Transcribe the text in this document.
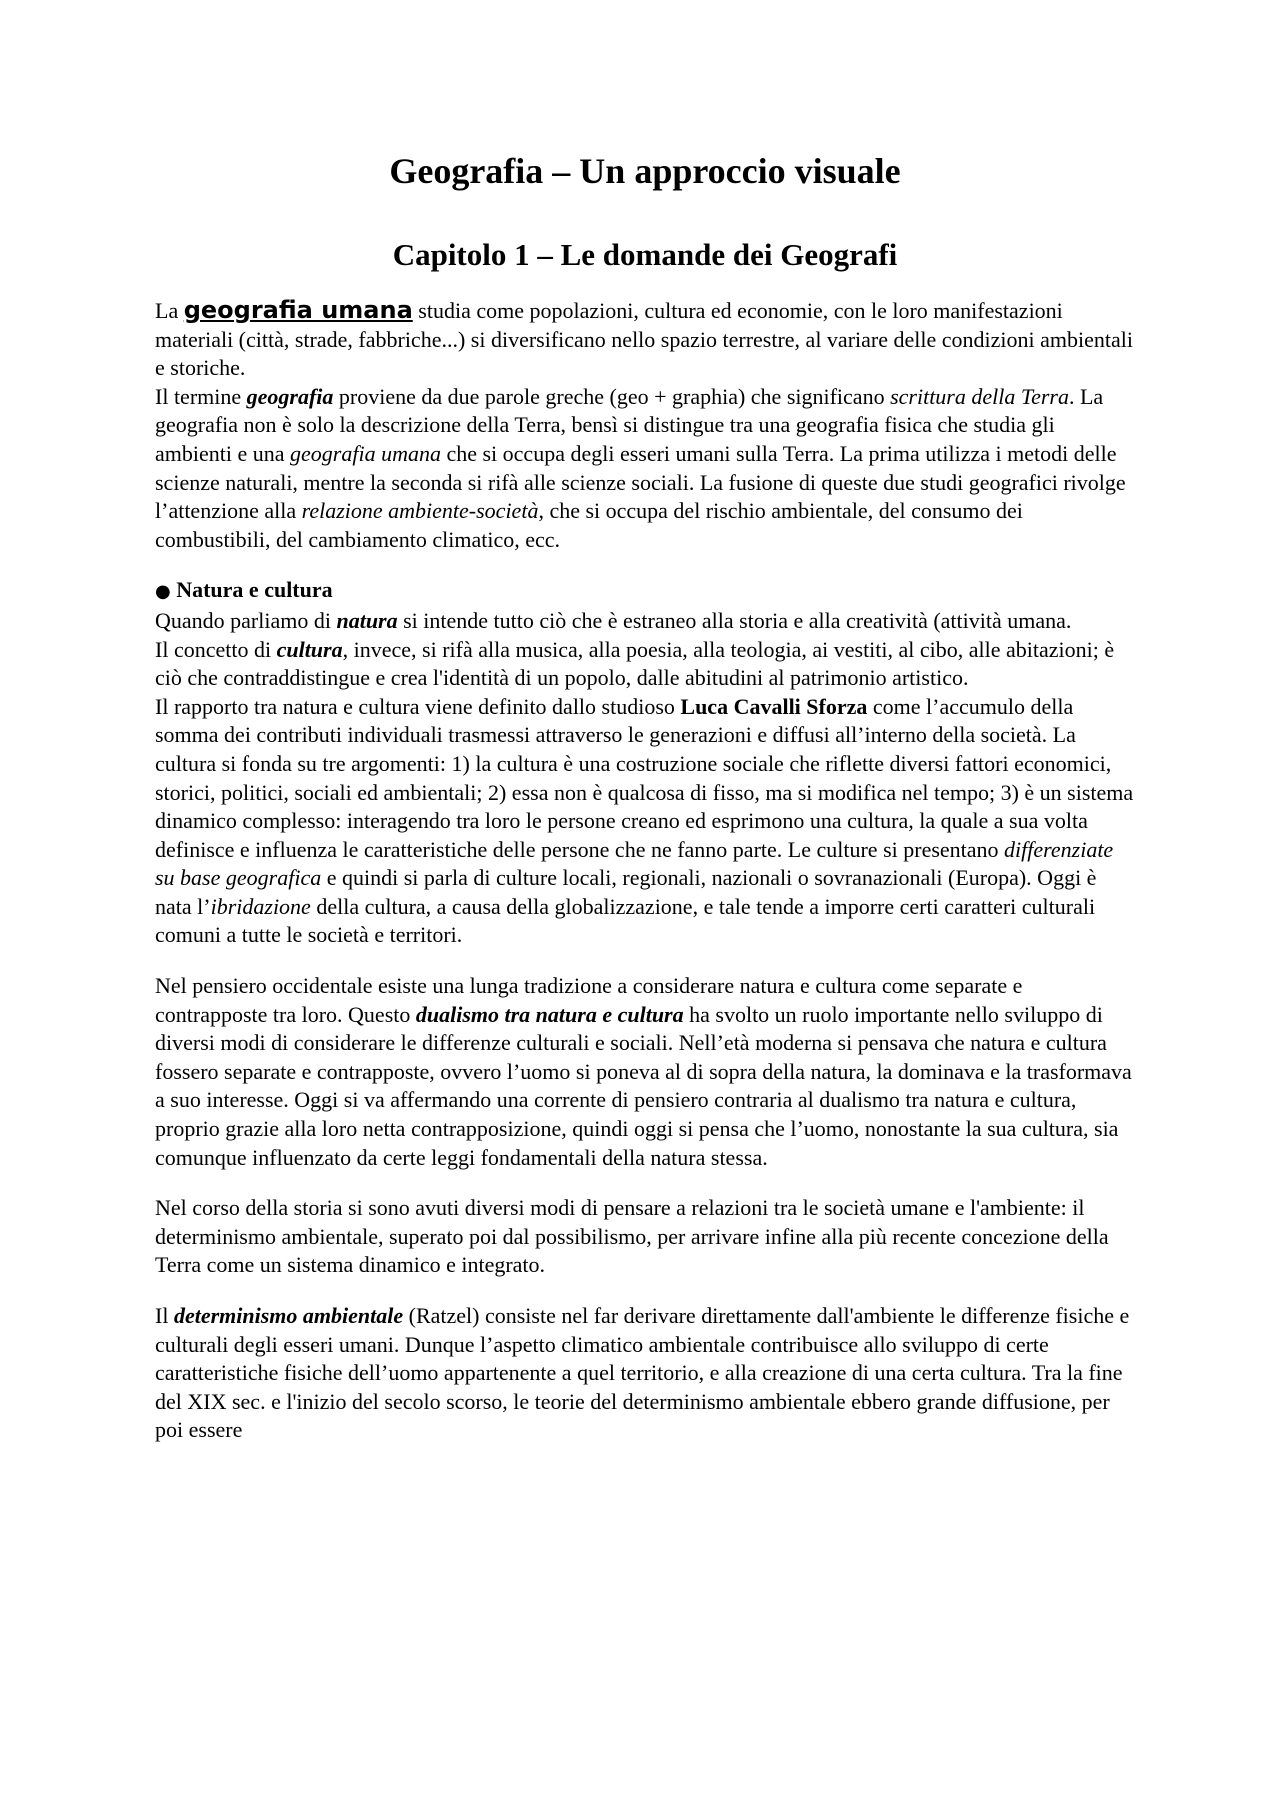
Geografia – Un approccio visuale
Capitolo 1 – Le domande dei Geografi

La geografia umana studia come popolazioni, cultura ed economie, con le loro manifestazioni materiali (città, strade, fabbriche...) si diversificano nello spazio terrestre, al variare delle condizioni ambientali e storiche.

Il termine geografia proviene da due parole greche (geo + graphia) che significano scrittura della Terra. La geografia non è solo la descrizione della Terra, bensì si distingue tra una geografia fisica che studia gli ambienti e una geografia umana che si occupa degli esseri umani sulla Terra. La prima utilizza i metodi delle scienze naturali, mentre la seconda si rifà alle scienze sociali. La fusione di queste due studi geografici rivolge l’attenzione alla relazione ambiente-società, che si occupa del rischio ambientale, del consumo dei combustibili, del cambiamento climatico, ecc.

● Natura e cultura

Quando parliamo di natura si intende tutto ciò che è estraneo alla storia e alla creatività (attività umana.

Il concetto di cultura, invece, si rifà alla musica, alla poesia, alla teologia, ai vestiti, al cibo, alle abitazioni; è ciò che contraddistingue e crea l'identità di un popolo, dalle abitudini al patrimonio artistico.

Il rapporto tra natura e cultura viene definito dallo studioso Luca Cavalli Sforza come l’accumulo della somma dei contributi individuali trasmessi attraverso le generazioni e diffusi all’interno della società. La cultura si fonda su tre argomenti: 1) la cultura è una costruzione sociale che riflette diversi fattori economici, storici, politici, sociali ed ambientali; 2) essa non è qualcosa di fisso, ma si modifica nel tempo; 3) è un sistema dinamico complesso: interagendo tra loro le persone creano ed esprimono una cultura, la quale a sua volta definisce e influenza le caratteristiche delle persone che ne fanno parte. Le culture si presentano differenziate su base geografica e quindi si parla di culture locali, regionali, nazionali o sovranazionali (Europa). Oggi è nata l’ibridazione della cultura, a causa della globalizzazione, e tale tende a imporre certi caratteri culturali comuni a tutte le società e territori.

Nel pensiero occidentale esiste una lunga tradizione a considerare natura e cultura come separate e contrapposte tra loro. Questo dualismo tra natura e cultura ha svolto un ruolo importante nello sviluppo di diversi modi di considerare le differenze culturali e sociali. Nell’età moderna si pensava che natura e cultura fossero separate e contrapposte, ovvero l’uomo si poneva al di sopra della natura, la dominava e la trasformava a suo interesse. Oggi si va affermando una corrente di pensiero contraria al dualismo tra natura e cultura, proprio grazie alla loro netta contrapposizione, quindi oggi si pensa che l’uomo, nonostante la sua cultura, sia comunque influenzato da certe leggi fondamentali della natura stessa.

Nel corso della storia si sono avuti diversi modi di pensare a relazioni tra le società umane e l'ambiente: il determinismo ambientale, superato poi dal possibilismo, per arrivare infine alla più recente concezione della Terra come un sistema dinamico e integrato.

Il determinismo ambientale (Ratzel) consiste nel far derivare direttamente dall'ambiente le differenze fisiche e culturali degli esseri umani. Dunque l’aspetto climatico ambientale contribuisce allo sviluppo di certe caratteristiche fisiche dell’uomo appartenente a quel territorio, e alla creazione di una certa cultura. Tra la fine del XIX sec. e l'inizio del secolo scorso, le teorie del determinismo ambientale ebbero grande diffusione, per poi essere
